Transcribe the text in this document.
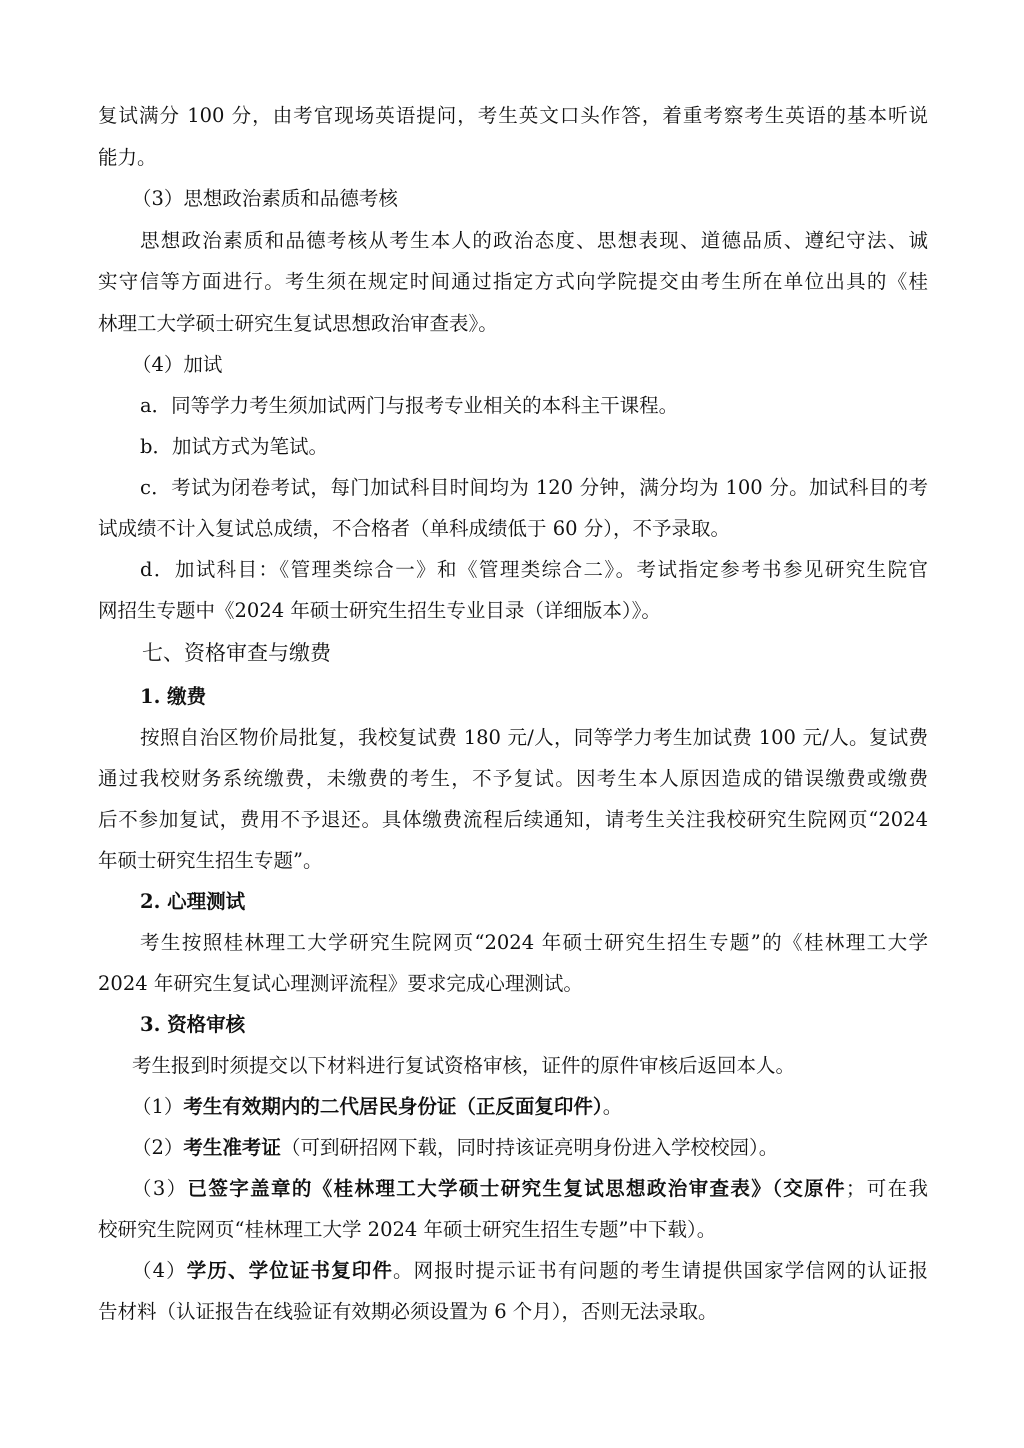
复试满分 100 分，由考官现场英语提问，考生英文口头作答，着重考察考生英语的基本听说
能力。
（3）思想政治素质和品德考核
思想政治素质和品德考核从考生本人的政治态度、思想表现、道德品质、遵纪守法、诚
实守信等方面进行。考生须在规定时间通过指定方式向学院提交由考生所在单位出具的《桂
林理工大学硕士研究生复试思想政治审查表》。
（4）加试
a．同等学力考生须加试两门与报考专业相关的本科主干课程。
b．加试方式为笔试。
c．考试为闭卷考试，每门加试科目时间均为 120 分钟，满分均为 100 分。加试科目的考
试成绩不计入复试总成绩，不合格者（单科成绩低于 60 分），不予录取。
d．加试科目：《管理类综合一》和《管理类综合二》。考试指定参考书参见研究生院官
网招生专题中《2024 年硕士研究生招生专业目录（详细版本）》。
七、资格审查与缴费
1. 缴费
按照自治区物价局批复，我校复试费 180 元/人，同等学力考生加试费 100 元/人。复试费
通过我校财务系统缴费，未缴费的考生，不予复试。因考生本人原因造成的错误缴费或缴费
后不参加复试，费用不予退还。具体缴费流程后续通知，请考生关注我校研究生院网页“2024
年硕士研究生招生专题”。
2. 心理测试
考生按照桂林理工大学研究生院网页“2024 年硕士研究生招生专题”的《桂林理工大学
2024 年研究生复试心理测评流程》要求完成心理测试。
3. 资格审核
考生报到时须提交以下材料进行复试资格审核，证件的原件审核后返回本人。
（1）考生有效期内的二代居民身份证（正反面复印件）。
（2）考生准考证（可到研招网下载，同时持该证亮明身份进入学校校园）。
（3）已签字盖章的《桂林理工大学硕士研究生复试思想政治审查表》（交原件；可在我
校研究生院网页“桂林理工大学 2024 年硕士研究生招生专题”中下载）。
（4）学历、学位证书复印件。网报时提示证书有问题的考生请提供国家学信网的认证报
告材料（认证报告在线验证有效期必须设置为 6 个月），否则无法录取。
